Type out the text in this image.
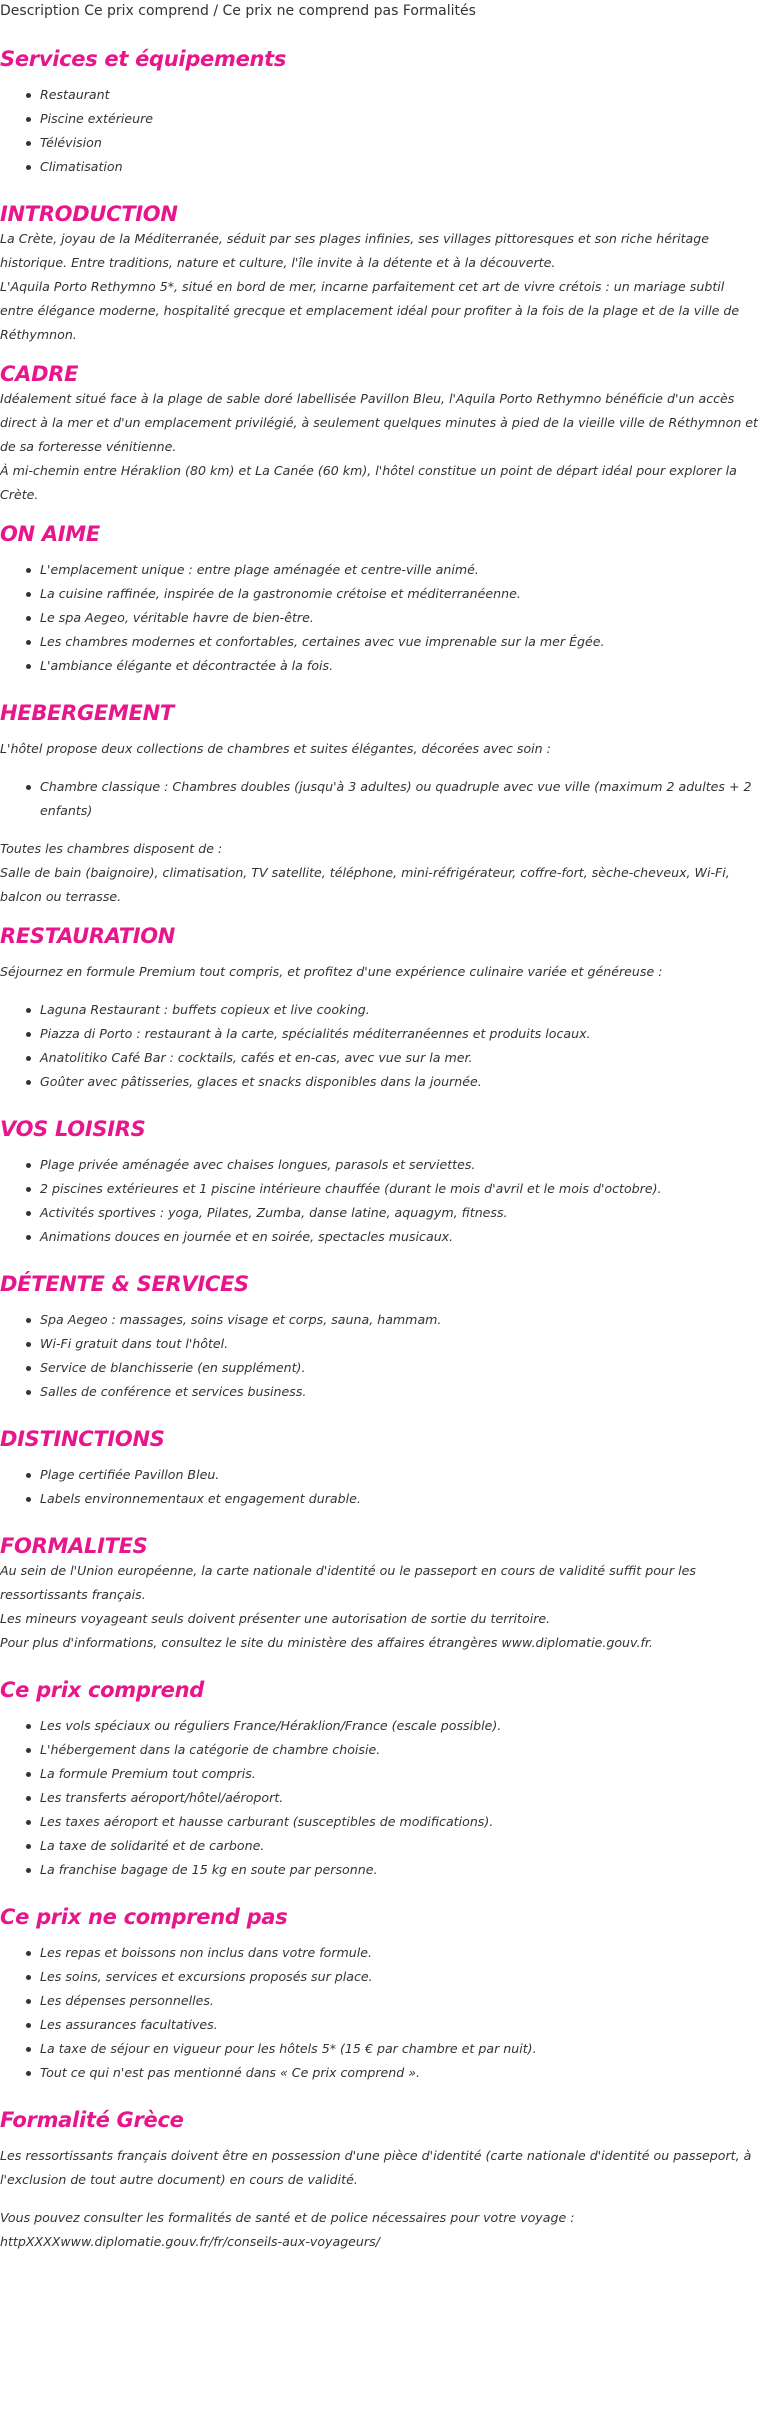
Description Ce prix comprend / Ce prix ne comprend pas Formalités
Services et équipements
Restaurant
Piscine extérieure
Télévision
Climatisation
INTRODUCTION

La Crète, joyau de la Méditerranée, séduit par ses plages infinies, ses villages pittoresques et son riche héritage historique. Entre traditions, nature et culture, l'île invite à la détente et à la découverte.

L'Aquila Porto Rethymno 5*, situé en bord de mer, incarne parfaitement cet art de vivre crétois : un mariage subtil entre élégance moderne, hospitalité grecque et emplacement idéal pour profiter à la fois de la plage et de la ville de Réthymnon.

CADRE

Idéalement situé face à la plage de sable doré labellisée Pavillon Bleu, l'Aquila Porto Rethymno bénéficie d'un accès direct à la mer et d'un emplacement privilégié, à seulement quelques minutes à pied de la vieille ville de Réthymnon et de sa forteresse vénitienne.

À mi-chemin entre Héraklion (80 km) et La Canée (60 km), l'hôtel constitue un point de départ idéal pour explorer la Crète.

ON AIME
L'emplacement unique : entre plage aménagée et centre-ville animé.
La cuisine raffinée, inspirée de la gastronomie crétoise et méditerranéenne.
Le spa Aegeo, véritable havre de bien-être.
Les chambres modernes et confortables, certaines avec vue imprenable sur la mer Égée.
L'ambiance élégante et décontractée à la fois.
HEBERGEMENT

L'hôtel propose deux collections de chambres et suites élégantes, décorées avec soin :

Chambre classique : Chambres doubles (jusqu'à 3 adultes) ou quadruple avec vue ville (maximum 2 adultes + 2 enfants)

Toutes les chambres disposent de :

Salle de bain (baignoire), climatisation, TV satellite, téléphone, mini-réfrigérateur, coffre-fort, sèche-cheveux, Wi-Fi, balcon ou terrasse.

RESTAURATION

Séjournez en formule Premium tout compris, et profitez d'une expérience culinaire variée et généreuse :

Laguna Restaurant : buffets copieux et live cooking.
Piazza di Porto : restaurant à la carte, spécialités méditerranéennes et produits locaux.
Anatolitiko Café Bar : cocktails, cafés et en-cas, avec vue sur la mer.
Goûter avec pâtisseries, glaces et snacks disponibles dans la journée.
VOS LOISIRS
Plage privée aménagée avec chaises longues, parasols et serviettes.
2 piscines extérieures et 1 piscine intérieure chauffée (durant le mois d'avril et le mois d'octobre).
Activités sportives : yoga, Pilates, Zumba, danse latine, aquagym, fitness.
Animations douces en journée et en soirée, spectacles musicaux.
DÉTENTE & SERVICES
Spa Aegeo : massages, soins visage et corps, sauna, hammam.
Wi-Fi gratuit dans tout l'hôtel.
Service de blanchisserie (en supplément).
Salles de conférence et services business.
DISTINCTIONS
Plage certifiée Pavillon Bleu.
Labels environnementaux et engagement durable.
FORMALITES

Au sein de l'Union européenne, la carte nationale d'identité ou le passeport en cours de validité suffit pour les ressortissants français.

Les mineurs voyageant seuls doivent présenter une autorisation de sortie du territoire.

Pour plus d'informations, consultez le site du ministère des affaires étrangères www.diplomatie.gouv.fr.

Ce prix comprend
Les vols spéciaux ou réguliers France/Héraklion/France (escale possible).
L'hébergement dans la catégorie de chambre choisie.
La formule Premium tout compris.
Les transferts aéroport/hôtel/aéroport.
Les taxes aéroport et hausse carburant (susceptibles de modifications).
La taxe de solidarité et de carbone.
La franchise bagage de 15 kg en soute par personne.
Ce prix ne comprend pas
Les repas et boissons non inclus dans votre formule.
Les soins, services et excursions proposés sur place.
Les dépenses personnelles.
Les assurances facultatives.
La taxe de séjour en vigueur pour les hôtels 5* (15 € par chambre et par nuit).
Tout ce qui n'est pas mentionné dans « Ce prix comprend ».
Formalité Grèce

Les ressortissants français doivent être en possession d'une pièce d'identité (carte nationale d'identité ou passeport, à l'exclusion de tout autre document) en cours de validité.

Vous pouvez consulter les formalités de santé et de police nécessaires pour votre voyage :

httpXXXXwww.diplomatie.gouv.fr/fr/conseils-aux-voyageurs/
